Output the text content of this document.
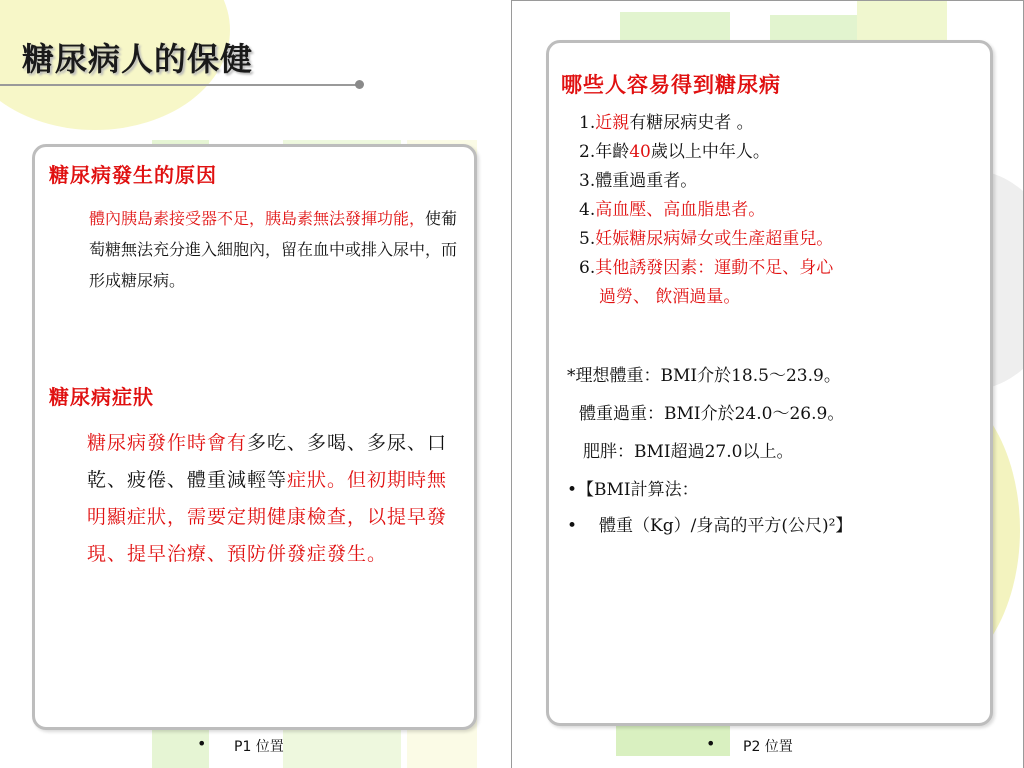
糖尿病人的保健
糖尿病發生的原因

體內胰島素接受器不足，胰島素無法發揮功能，使葡萄糖無法充分進入細胞內，留在血中或排入尿中，而形成糖尿病。

糖尿病症狀

糖尿病發作時會有多吃、多喝、多尿、口乾、疲倦、體重減輕等症狀。但初期時無明顯症狀，需要定期健康檢查，以提早發現、提早治療、預防併發症發生。

• P1 位置
哪些人容易得到糖尿病
1.近親有糖尿病史者 。
2.年齡40歲以上中年人。
3.體重過重者。
4.高血壓、高血脂患者。
5.妊娠糖尿病婦女或生產超重兒。
6.其他誘發因素：運動不足、身心
過勞、 飲酒過量。
*理想體重：BMI介於18.5～23.9。
體重過重：BMI介於24.0～26.9。
肥胖：BMI超過27.0以上。
•【BMI計算法：
• 體重（Kg）/身高的平方(公尺)²】
• P2 位置
